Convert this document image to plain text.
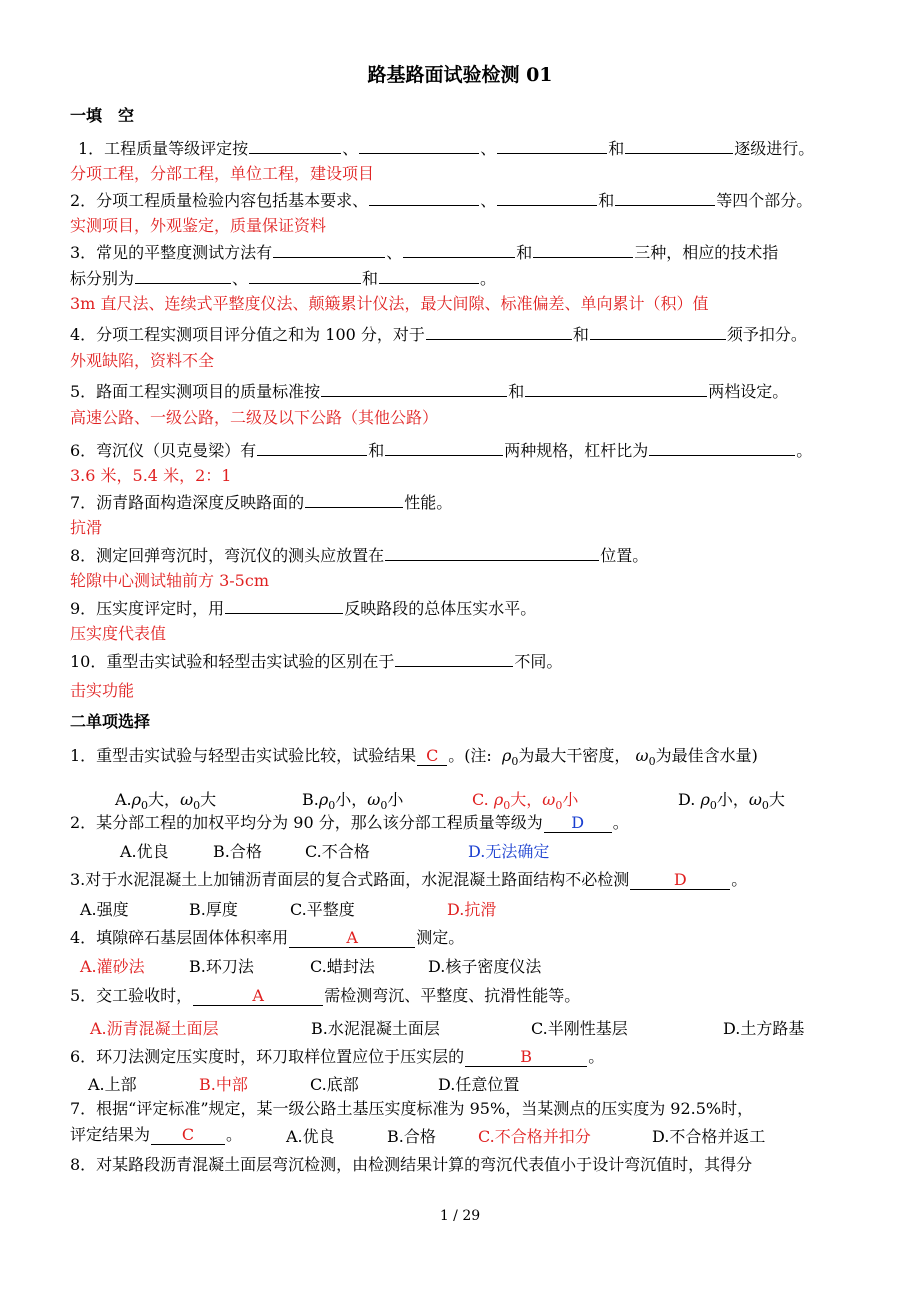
路基路面试验检测 01
一填　空
1．工程质量等级评定按	、	、	和	逐级进行。
分项工程，分部工程，单位工程，建设项目
2．分项工程质量检验内容包括基本要求、	、	和	等四个部分。
实测项目，外观鉴定，质量保证资料
3．常见的平整度测试方法有	、	和	三种，相应的技术指
标分别为	、	和	。
3m 直尺法、连续式平整度仪法、颠簸累计仪法，最大间隙、标准偏差、单向累计（积）值
4．分项工程实测项目评分值之和为 100 分，对于	和	须予扣分。
外观缺陷，资料不全
5．路面工程实测项目的质量标准按	和	两档设定。
高速公路、一级公路，二级及以下公路（其他公路）
6．弯沉仪（贝克曼梁）有	和	两种规格，杠杆比为	。
3.6 米，5.4 米，2：1
7．沥青路面构造深度反映路面的	性能。
抗滑
8．测定回弹弯沉时，弯沉仪的测头应放置在	位置。
轮隙中心测试轴前方 3-5cm
9．压实度评定时，用	反映路段的总体压实水平。
压实度代表值
10．重型击实试验和轻型击实试验的区别在于	不同。
击实功能
二单项选择
1．重型击实试验与轻型击实试验比较，试验结果 C 。(注:  $\rho_0$为最大干密度， $\omega_0$为最佳含水量)
$A.\rho_0$大，$\omega_0$大	$B.\rho_0$小，$\omega_0$小	C. $\rho_0$大，$\omega_0$小	D. $\rho_0$小，$\omega_0$大
2．某分部工程的加权平均分为 90 分，那么该分部工程质量等级为 D 。
A.优良	B.合格	C.不合格	D.无法确定
3.对于水泥混凝土上加铺沥青面层的复合式路面，水泥混凝土路面结构不必检测	D	。
A.强度	B.厚度	C.平整度	D.抗滑
4．填隙碎石基层固体体积率用	A	测定。
A.灌砂法	B.环刀法	C.蜡封法	D.核子密度仪法
5．交工验收时，	A	需检测弯沉、平整度、抗滑性能等。
A.沥青混凝土面层	B.水泥混凝土面层	C.半刚性基层	D.土方路基
6．环刀法测定压实度时，环刀取样位置应位于压实层的	B	。
A.上部	B.中部	C.底部	D.任意位置
7．根据“评定标准”规定，某一级公路土基压实度标准为 95%，当某测点的压实度为 92.5%时，
评定结果为 C 。	A.优良	B.合格	C.不合格并扣分	D.不合格并返工
8．对某路段沥青混凝土面层弯沉检测，由检测结果计算的弯沉代表值小于设计弯沉值时，其得分
1 / 29
